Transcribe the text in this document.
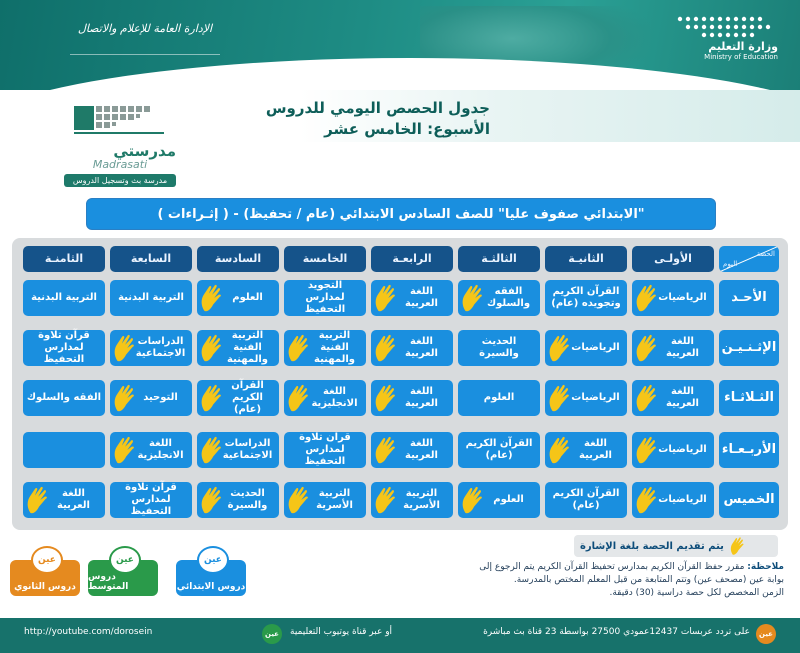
وزارة التعليم
Ministry of Education
الإدارة العامة للإعلام والاتصال
جدول الحصص اليومي للدروس
الأسبوع: الخامس عشر
مدرستي
Madrasati
مدرسة بث وتسجيل الدروس
"الابتدائي صفوف عليا" للصف السادس الابتدائي (عام / تحفيظ) - ( إثـراءات )
الحصة
اليوم
الأولـى
الثانيـة
الثالثـة
الرابعـة
الخامسة
السادسة
السابعة
الثامنـة
الأحـد
الرياضيات
القرآن الكريم وتجويده (عام)
الفقه والسلوك
اللغة العربية
التجويد لمدارس التحفيظ
العلوم
التربية البدنية
التربية البدنية
الإثـنـيـن
اللغة العربية
الرياضيات
الحديث والسيرة
اللغة العربية
التربية الفنية والمهنية
التربية الفنية والمهنية
الدراسات الاجتماعية
قرآن تلاوة لمدارس التحفيظ
الثـلاثـاء
اللغة العربية
الرياضيات
العلوم
اللغة العربية
اللغة الانجليزية
القرآن الكريم (عام)
التوحيد
الفقه والسلوك
الأربـعـاء
الرياضيات
اللغة العربية
القرآن الكريم (عام)
اللغة العربية
قران تلاوة لمدارس التحفيظ
الدراسات الاجتماعية
اللغة الانجليزية
الخميس
الرياضيات
القرآن الكريم (عام)
العلوم
التربية الأسرية
التربية الأسرية
الحديث والسيرة
قرآن تلاوة لمدارس التحفيظ
اللغة العربية
يتم تقديم الحصة بلغة الإشارة
ملاحظة: مقرر حفظ القرآن الكريم بمدارس تحفيظ القرآن الكريم يتم الرجوع إلى
بوابة عين (مصحف عين) وتتم المتابعة من قبل المعلم المختص بالمدرسة.
الزمن المخصص لكل حصة دراسية (30) دقيقة.
عين
دروس الابتدائي
عين
دروس المتوسط
عين
دروس الثانوي
عين
على تردد عربسات 12437عمودي 27500 بواسطة 23 قناة بث مباشرة
عين	أو عبر قناة يوتيوب التعليمية
http://youtube.com/dorosein
